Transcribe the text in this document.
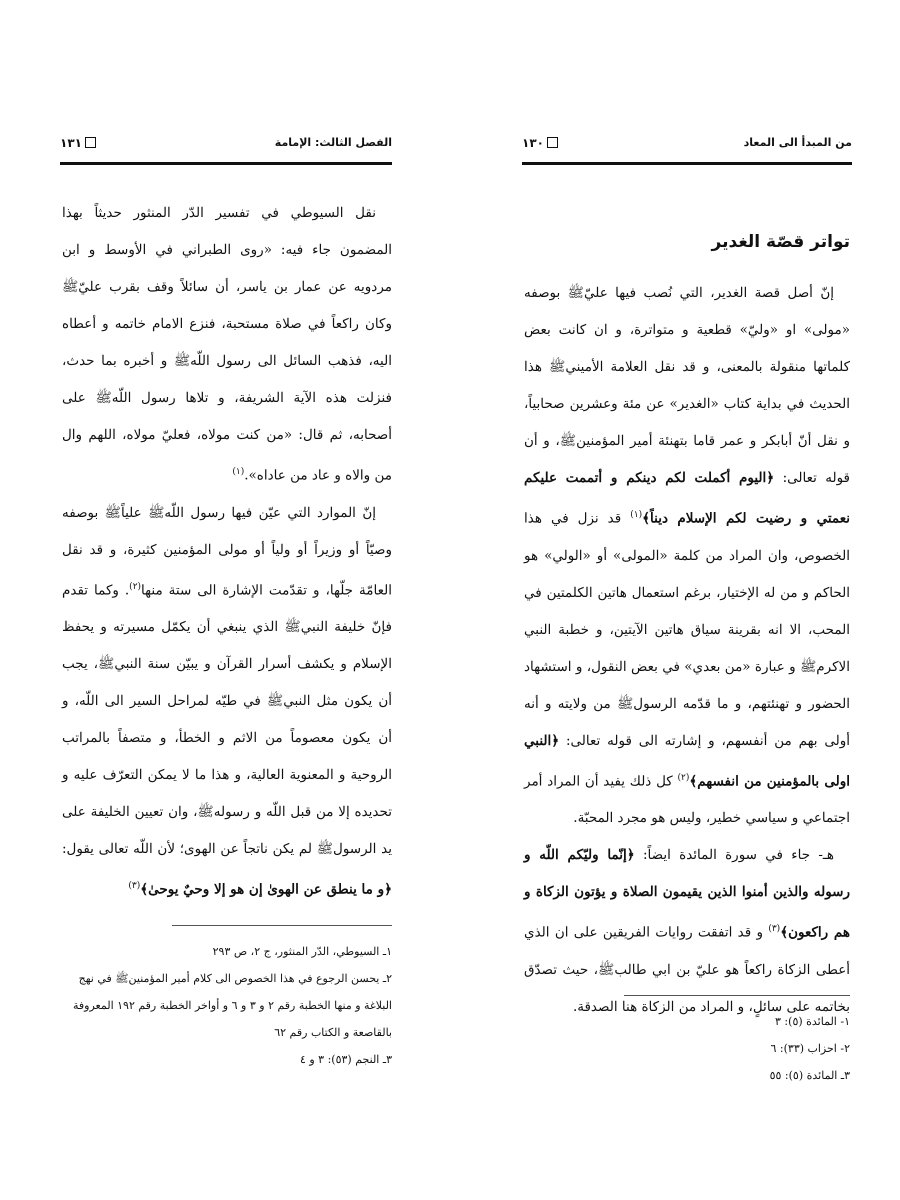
١٣١	الفصل الثالث: الإمامة

نقل السيوطي في تفسير الدّر المنثور حديثاً بهذا المضمون جاء فيه: «روى الطبراني في الأوسط و ابن مردويه عن عمار بن ياسر، أن سائلاً وقف بقرب عليّ‌ﷺ وكان راكعاً في صلاة مستحبة، فنزع الامام خاتمه و أعطاه اليه، فذهب السائل الى رسول اللّه‌ﷺ و أخبره بما حدث، فنزلت هذه الآية الشريفة، و تلاها رسول اللّه‌ﷺ على أصحابه، ثم قال: «من كنت مولاه، فعليّ مولاه، اللهم وال من والاه و عاد من عاداه».$^{(١)}$

إنّ الموارد التي عيّن فيها رسول اللّه‌ﷺ علياً‌ﷺ بوصفه وصيّاً أو وزيراً أو ولياً أو مولى المؤمنين كثيرة، و قد نقل العامّة جلّها، و تقدّمت الإشارة الى ستة منها$^{(٢)}$. وكما تقدم فإنّ خليفة النبي‌ﷺ الذي ينبغي أن يكمّل مسيرته و يحفظ الإسلام و يكشف أسرار القرآن و يبيّن سنة النبي‌ﷺ، يجب أن يكون مثل النبي‌ﷺ في طيّه لمراحل السير الى اللّه، و أن يكون معصوماً من الاثم و الخطأ، و متصفاً بالمراتب الروحية و المعنوية العالية، و هذا ما لا يمكن التعرّف عليه و تحديده إلا من قبل اللّه و رسوله‌ﷺ، وان تعيين الخليفة على يد الرسول‌ﷺ لم يكن ناتجاً عن الهوى؛ لأن اللّه تعالى يقول: ﴿و ما ينطق عن الهوىٰ إن هو إلا وحيٌ يوحىٰ﴾$^{(٣)}$

١ـ السيوطي، الدّر المنثور، ج ٢، ص ٢٩٣
٢ـ يحسن الرجوع في هذا الخصوص الى كلام أمير المؤمنين‌ﷺ في نهج البلاغة و منها الخطبة رقم ٢ و ٣ و ٦ و أواخر الخطبة رقم ١٩٢ المعروفة بالقاصعة و الكتاب رقم ٦٢
٣ـ النجم (٥٣): ٣ و ٤
١٣٠	من المبدأ الى المعاد
تواتر قصّة الغدير

إنّ أصل قصة الغدير، التي نُصب فيها عليّ‌ﷺ بوصفه «مولى» او «وليّ» قطعية و متواترة، و ان كانت بعض كلماتها منقولة بالمعنى، و قد نقل العلامة الأميني‌ﷺ هذا الحديث في بداية كتاب «الغدير» عن مئة وعشرين صحابياً، و نقل أنّ أبابكر و عمر قاما بتهنئة أمير المؤمنين‌ﷺ، و أن قوله تعالى: ﴿اليوم أكملت لكم دينكم و أتممت عليكم نعمتي و رضيت لكم الإسلام ديناً﴾$^{(١)}$ قد نزل في هذا الخصوص، وان المراد من كلمة «المولى» أو «الولي» هو الحاكم و من له الإختيار، برغم استعمال هاتين الكلمتين في المحب، الا انه بقرينة سياق هاتين الآيتين، و خطبة النبي الاكرم‌ﷺ و عبارة «من بعدي» في بعض النقول، و استشهاد الحضور و تهنئتهم، و ما قدّمه الرسول‌ﷺ من ولايته و أنه أولى بهم من أنفسهم، و إشارته الى قوله تعالى: ﴿النبي اولى بالمؤمنين من انفسهم﴾$^{(٢)}$ كل ذلك يفيد أن المراد أمر اجتماعي و سياسي خطير، وليس هو مجرد المحبّة.

هـ- جاء في سورة المائدة ايضاً: ﴿إنّما وليّكم اللّه و رسوله والذين أمنوا الذين يقيمون الصلاة و يؤتون الزكاة و هم راكعون﴾$^{(٣)}$ و قد اتفقت روايات الفريقين على ان الذي أعطى الزكاة راكعاً هو عليّ بن ابي طالب‌ﷺ، حيث تصدّق بخاتمه على سائلٍ، و المراد من الزكاة هنا الصدقة.

١- المائدة (٥): ٣
٢- احزاب (٣٣): ٦
٣ـ المائدة (٥): ٥٥
